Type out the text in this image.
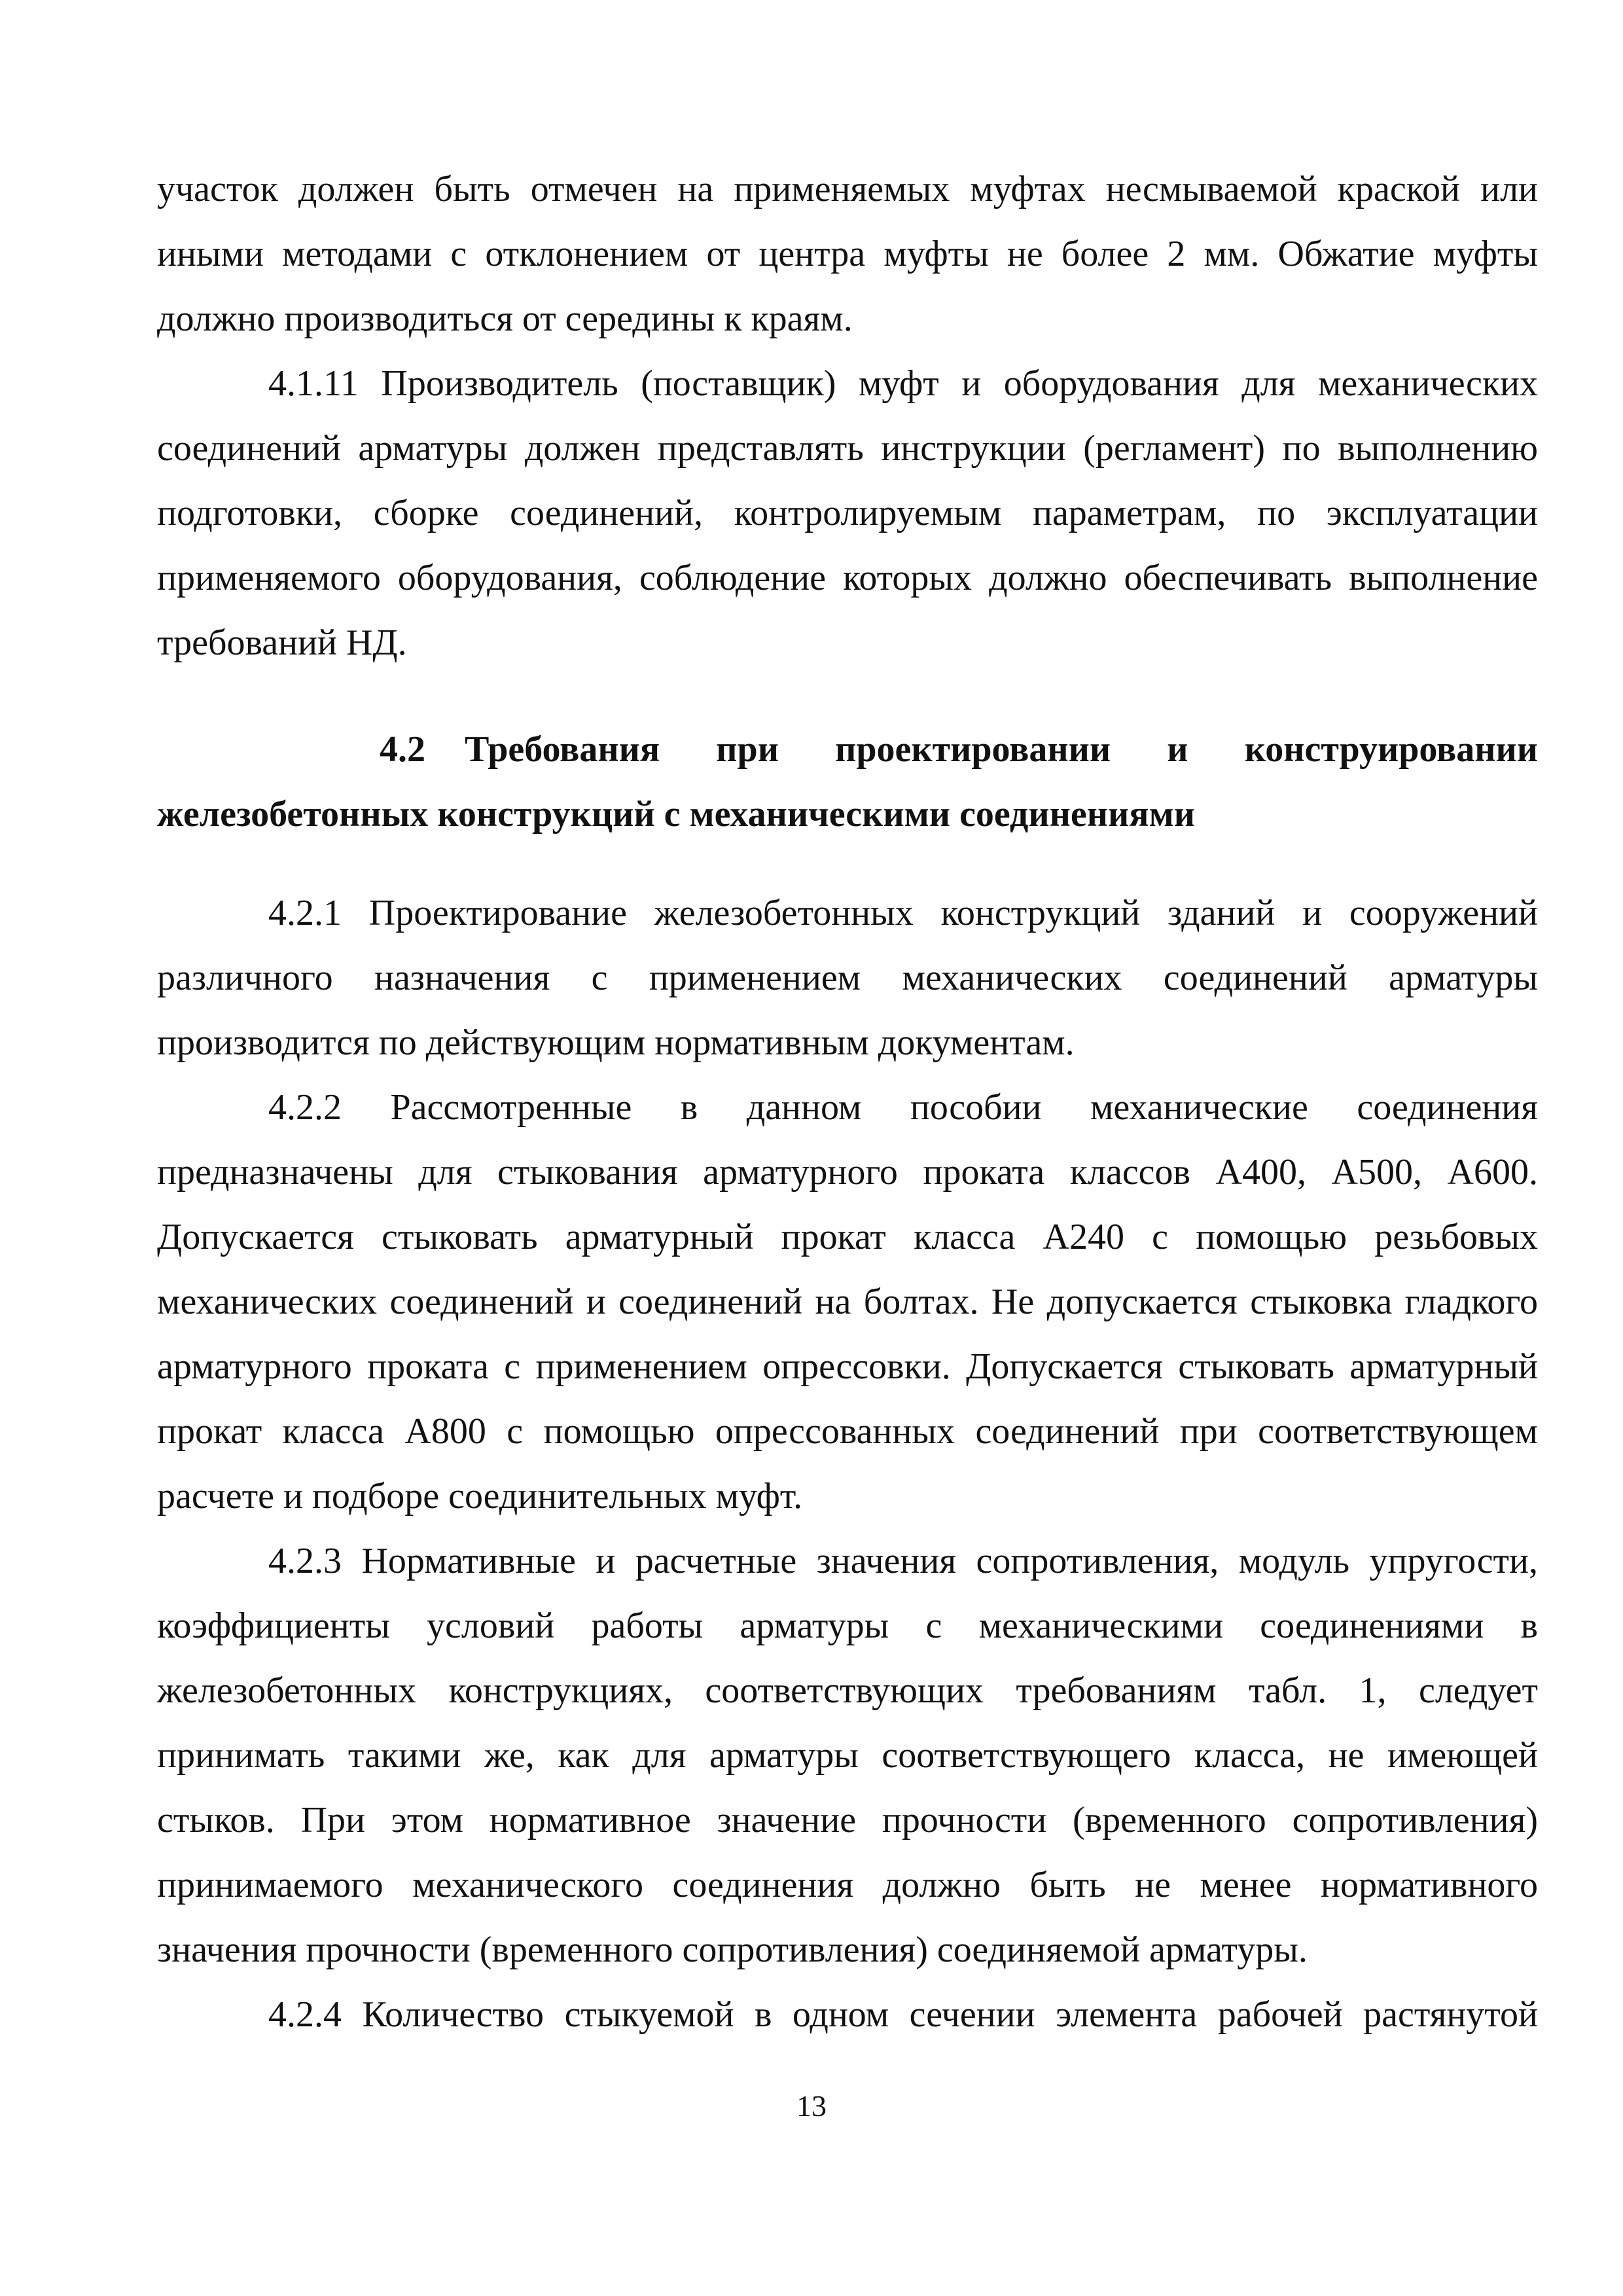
участок должен быть отмечен на применяемых муфтах несмываемой краской или иными методами с отклонением от центра муфты не более 2 мм. Обжатие муфты должно производиться от середины к краям.

4.1.11 Производитель (поставщик) муфт и оборудования для механических соединений арматуры должен представлять инструкции (регламент) по выполнению подготовки, сборке соединений, контролируемым параметрам, по эксплуатации применяемого оборудования, соблюдение которых должно обеспечивать выполнение требований НД.

4.2 Требования при проектировании и конструировании железобетонных конструкций с механическими соединениями

4.2.1 Проектирование железобетонных конструкций зданий и сооружений различного назначения с применением механических соединений арматуры производится по действующим нормативным документам.

4.2.2 Рассмотренные в данном пособии механические соединения предназначены для стыкования арматурного проката классов А400, А500, А600. Допускается стыковать арматурный прокат класса А240 с помощью резьбовых механических соединений и соединений на болтах. Не допускается стыковка гладкого арматурного проката с применением опрессовки. Допускается стыковать арматурный прокат класса А800 с помощью опрессованных соединений при соответствующем расчете и подборе соединительных муфт.

4.2.3 Нормативные и расчетные значения сопротивления, модуль упругости, коэффициенты условий работы арматуры с механическими соединениями в железобетонных конструкциях, соответствующих требованиям табл. 1, следует принимать такими же, как для арматуры соответствующего класса, не имеющей стыков. При этом нормативное значение прочности (временного сопротивления) принимаемого механического соединения должно быть не менее нормативного значения прочности (временного сопротивления) соединяемой арматуры.

4.2.4 Количество стыкуемой в одном сечении элемента рабочей растянутой

13
